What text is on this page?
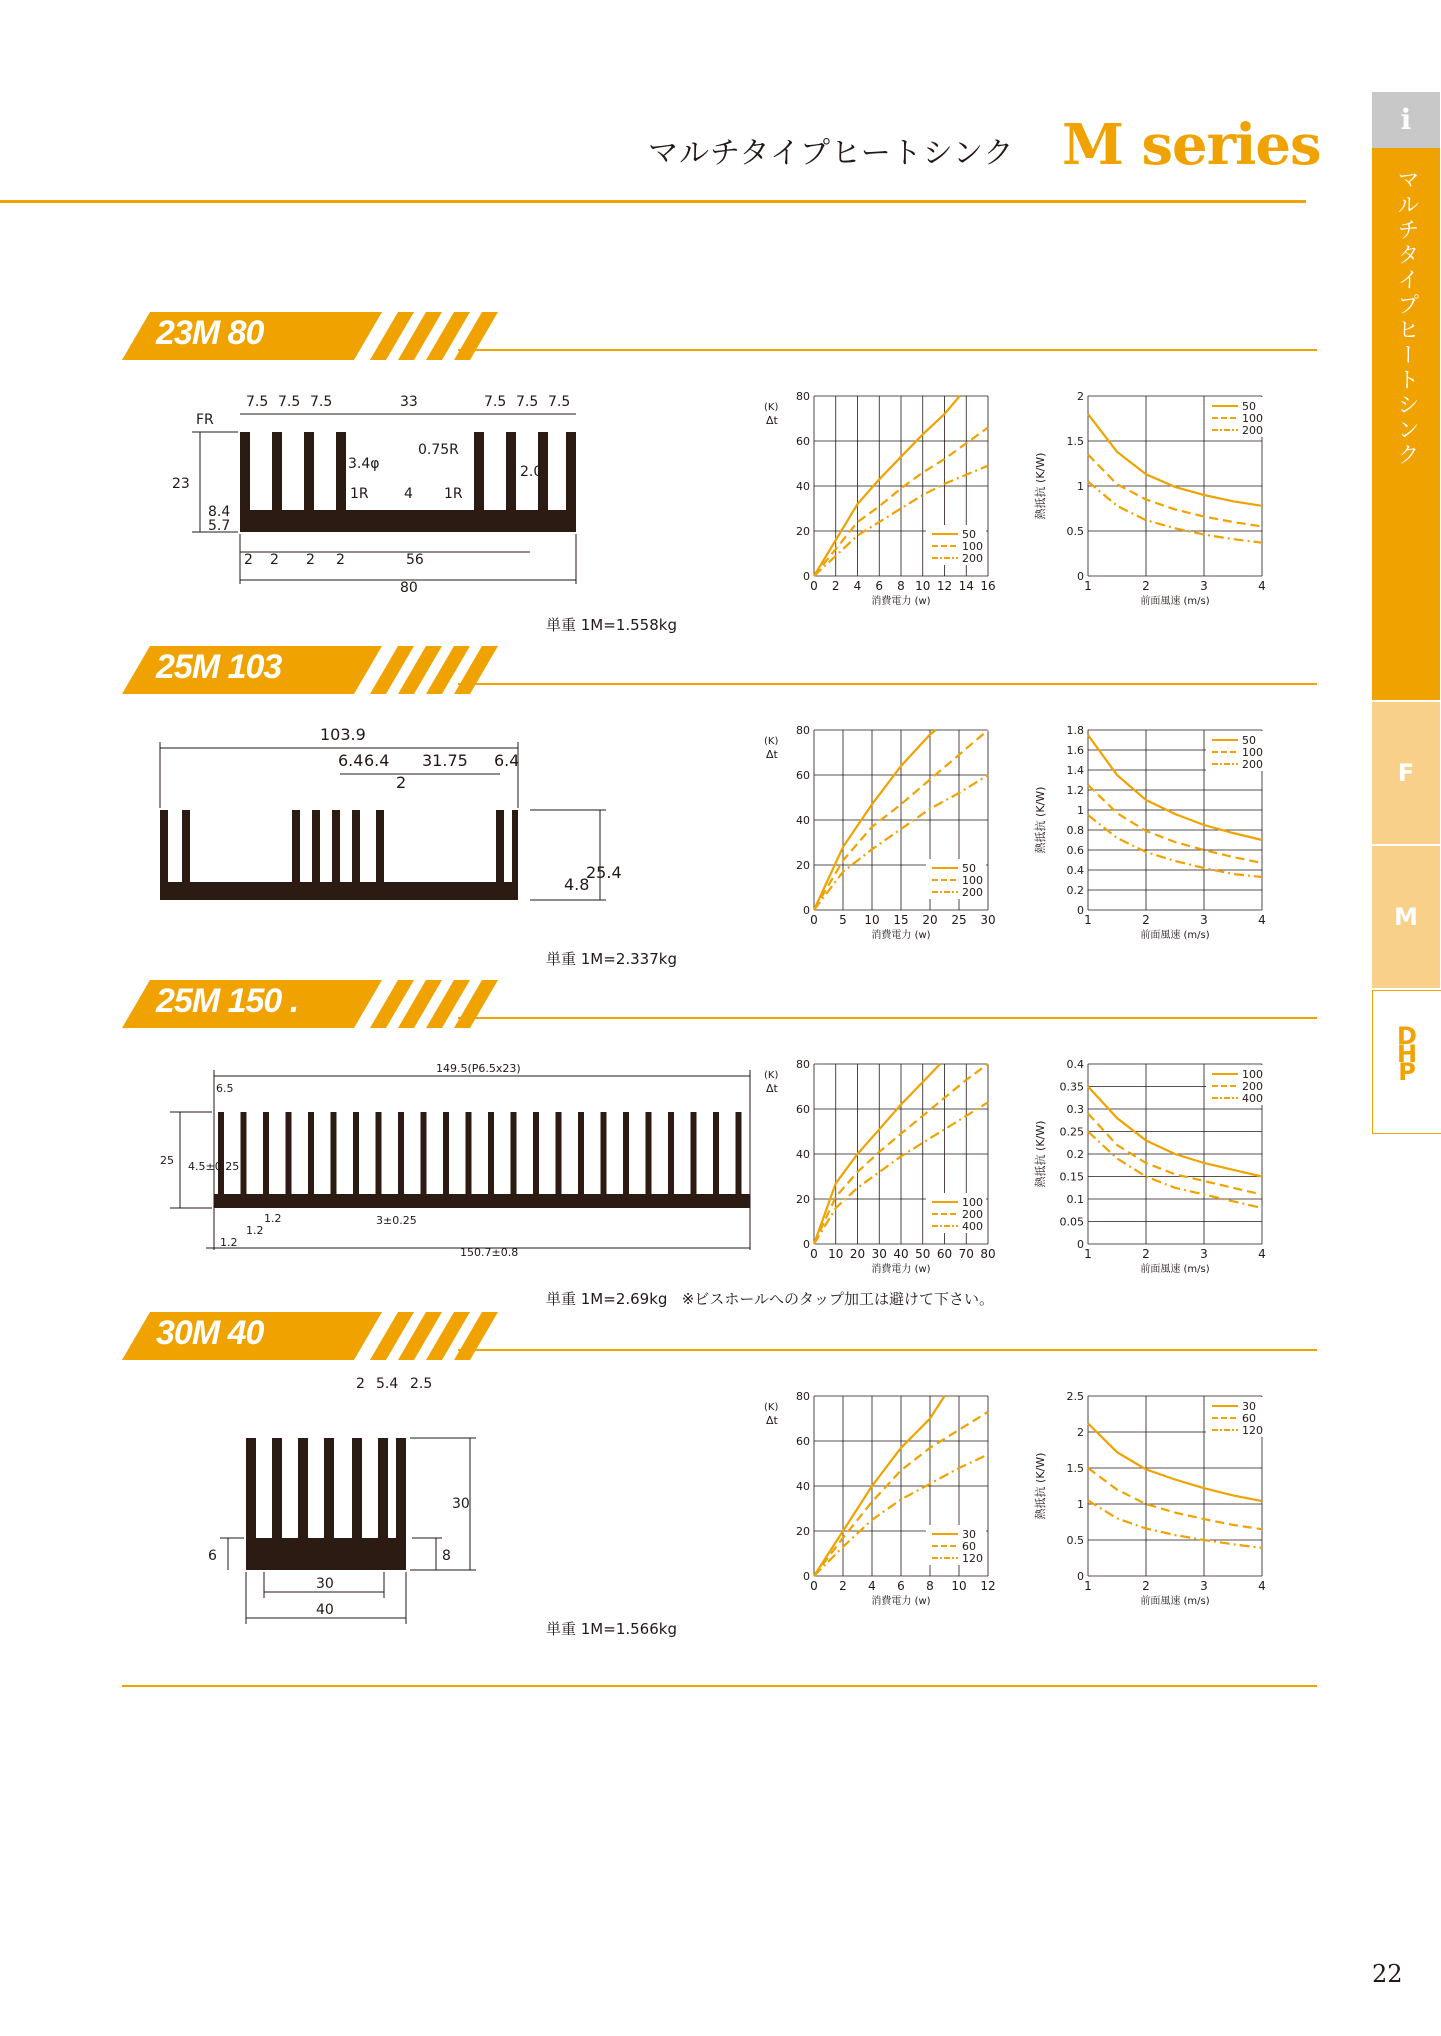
マルチタイプヒートシンク M series	i
マルチタイプヒートシンク
F
M
DHP
23M 80
25M 103
25M 150 .
30M 40
7.5 7.5 7.5	33	7.5 7.5 7.5
FR
0.75R
3.4φ	2.0
23
8.4
5.7
1R	4 1R
2 2 2 2	56
80
103.9
6.4 6.4 31.75 6.4
2
4.8
25.4
149.5(P6.5x23)
6.5
25 4.5±0.25
1.2
1.2
1.2
3±0.25
150.7±0.8
2 5.4 2.5
30
8
6
30
40
単重 1M=1.558kg
単重 1M=2.337kg
単重 1M=2.69kg ※ビスホールへのタップ加工は避けて下さい。
単重 1M=1.566kg
0 2 4 6 8 10 12 14 16
0
20
40
60
80
消費電力 (w)
(K)
Δt
50
100
200
1	2	3	4
0
0.5
1
1.5
2
前面風速 (m/s)
熱抵抗 (K/W)
50
100
200
0 5 10 15 20 25 30
0
20
40
60
80
消費電力 (w)
(K)
Δt
50
100
200
1	2	3	4
0
0.2
0.4
0.6
0.8
1
1.2
1.4
1.6
1.8
前面風速 (m/s)
熱抵抗 (K/W)
50
100
200
0 10 20 30 40 50 60 70 80
0
20
40
60
80
消費電力 (w)
(K)
Δt
100
200
400
1	2	3	4
0
0.05
0.1
0.15
0.2
0.25
0.3
0.35
0.4
前面風速 (m/s)
熱抵抗 (K/W)
100
200
400
0 2 4 6 8 10 12
0
20
40
60
80
消費電力 (w)
(K)
Δt
30
60
120
1	2	3	4
0
0.5
1
1.5
2
2.5
前面風速 (m/s)
熱抵抗 (K/W)
30
60
120
22
